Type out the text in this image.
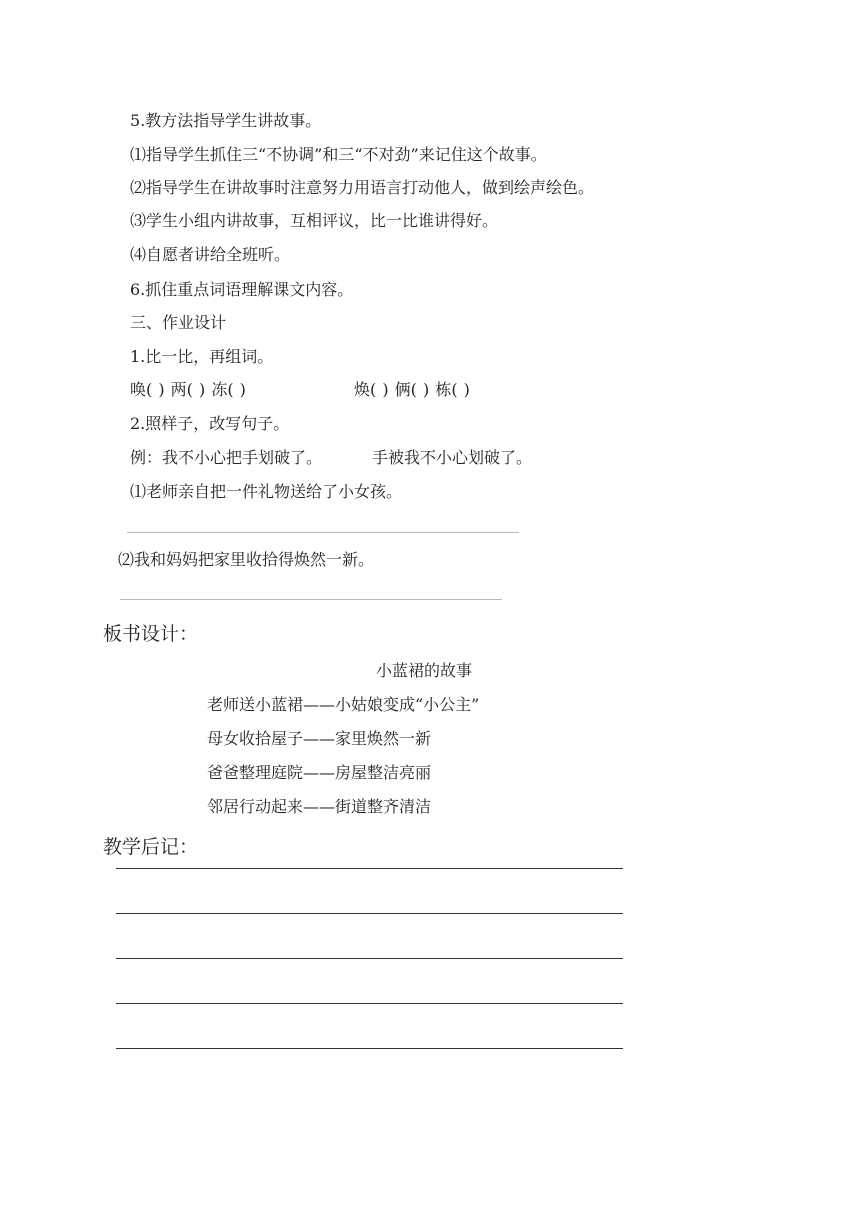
5.教方法指导学生讲故事。
⑴指导学生抓住三“不协调”和三“不对劲”来记住这个故事。
⑵指导学生在讲故事时注意努力用语言打动他人，做到绘声绘色。
⑶学生小组内讲故事，互相评议，比一比谁讲得好。
⑷自愿者讲给全班听。
6.抓住重点词语理解课文内容。
三、作业设计
1.比一比，再组词。
唤( ) 两( ) 冻( )	焕( ) 俩( ) 栋( )
2.照样子，改写句子。
例：我不小心把手划破了。	手被我不小心划破了。
⑴老师亲自把一件礼物送给了小女孩。
⑵我和妈妈把家里收拾得焕然一新。
板书设计：
小蓝裙的故事
老师送小蓝裙——小姑娘变成“小公主”
母女收拾屋子——家里焕然一新
爸爸整理庭院——房屋整洁亮丽
邻居行动起来——街道整齐清洁
教学后记：
